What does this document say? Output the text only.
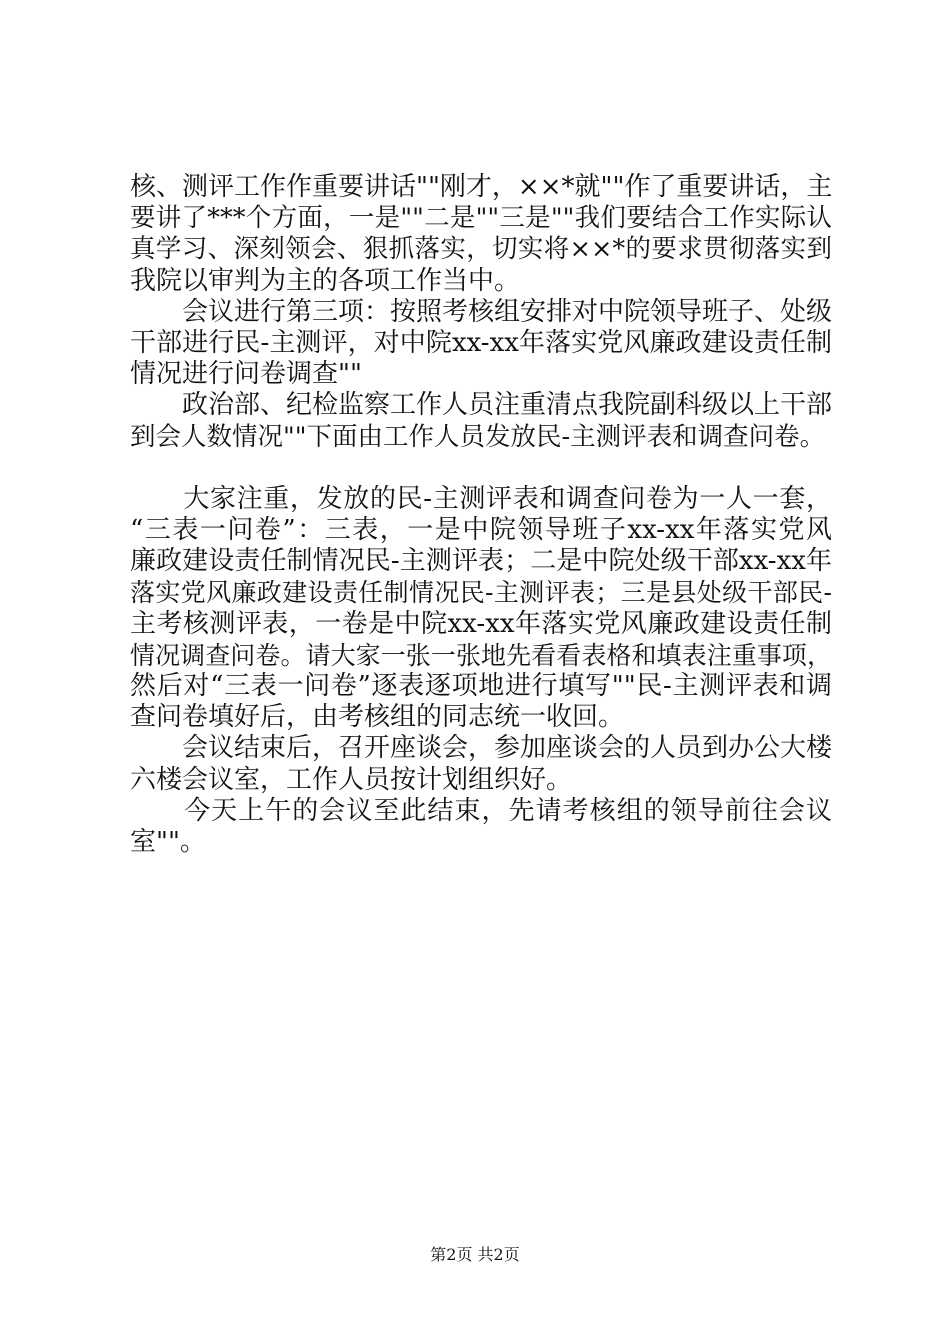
核、测评工作作重要讲话""刚才，××*就""作了重要讲话，主
要讲了***个方面，一是""二是""三是""我们要结合工作实际认
真学习、深刻领会、狠抓落实，切实将××*的要求贯彻落实到
我院以审判为主的各项工作当中。
　　会议进行第三项：按照考核组安排对中院领导班子、处级
干部进行民-主测评，对中院xx-xx年落实党风廉政建设责任制
情况进行问卷调查""
　　政治部、纪检监察工作人员注重清点我院副科级以上干部
到会人数情况""下面由工作人员发放民-主测评表和调查问卷。
　　大家注重，发放的民-主测评表和调查问卷为一人一套，
“三表一问卷”：三表，一是中院领导班子xx-xx年落实党风
廉政建设责任制情况民-主测评表；二是中院处级干部xx-xx年
落实党风廉政建设责任制情况民-主测评表；三是县处级干部民-
主考核测评表，一卷是中院xx-xx年落实党风廉政建设责任制
情况调查问卷。请大家一张一张地先看看表格和填表注重事项，
然后对“三表一问卷”逐表逐项地进行填写""民-主测评表和调
查问卷填好后，由考核组的同志统一收回。
　　会议结束后，召开座谈会，参加座谈会的人员到办公大楼
六楼会议室，工作人员按计划组织好。
　　今天上午的会议至此结束，先请考核组的领导前往会议
室""。
第2页 共2页
